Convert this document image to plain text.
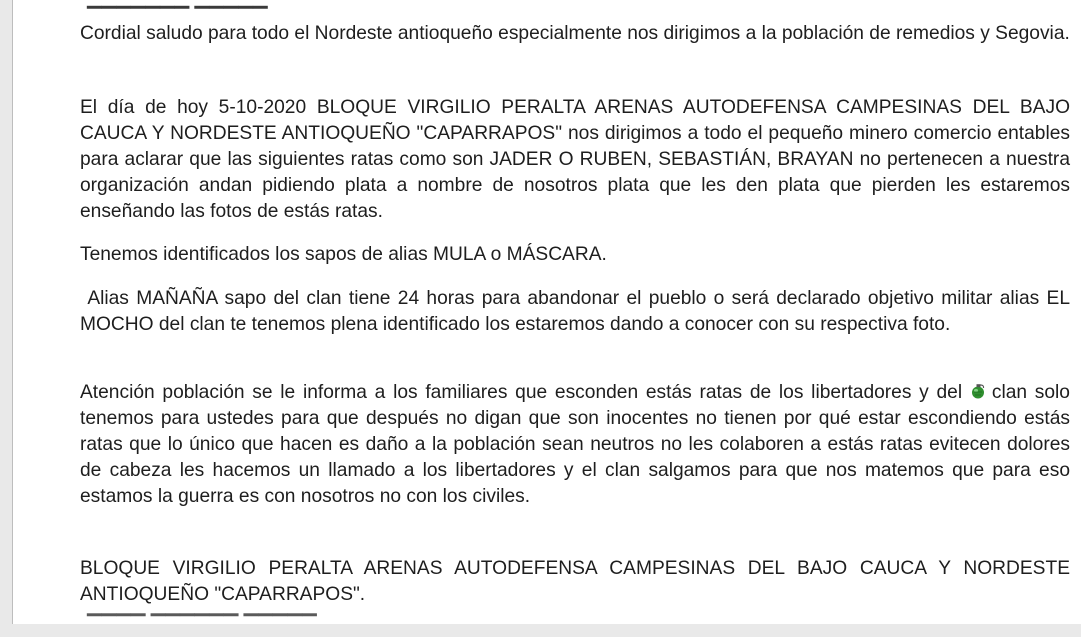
Cordial saludo para todo el Nordeste antioqueño especialmente nos dirigimos a la población de remedios y Segovia.

El día de hoy 5-10-2020 BLOQUE VIRGILIO PERALTA ARENAS AUTODEFENSA CAMPESINAS DEL BAJO CAUCA Y NORDESTE ANTIOQUEÑO "CAPARRAPOS" nos dirigimos a todo el pequeño minero comercio entables para aclarar que las siguientes ratas como son JADER O RUBEN, SEBASTIÁN, BRAYAN no pertenecen a nuestra organización andan pidiendo plata a nombre de nosotros plata que les den plata que pierden les estaremos enseñando las fotos de estás ratas.

Tenemos identificados los sapos de alias MULA o MÁSCARA.

Alias MAÑAÑA sapo del clan tiene 24 horas para abandonar el pueblo o será declarado objetivo militar alias EL MOCHO del clan te tenemos plena identificado los estaremos dando a conocer con su respectiva foto.

Atención población se le informa a los familiares que esconden estás ratas de los libertadores y del clan solo tenemos para ustedes para que después no digan que son inocentes no tienen por qué estar escondiendo estás ratas que lo único que hacen es daño a la población sean neutros no les colaboren a estás ratas evitecen dolores de cabeza les hacemos un llamado a los libertadores y el clan salgamos para que nos matemos que para eso estamos la guerra es con nosotros no con los civiles.

BLOQUE VIRGILIO PERALTA ARENAS AUTODEFENSA CAMPESINAS DEL BAJO CAUCA Y NORDESTE ANTIOQUEÑO "CAPARRAPOS".

▔▔▔▔ ▔▔▔▔▔▔ ▔▔▔▔▔
